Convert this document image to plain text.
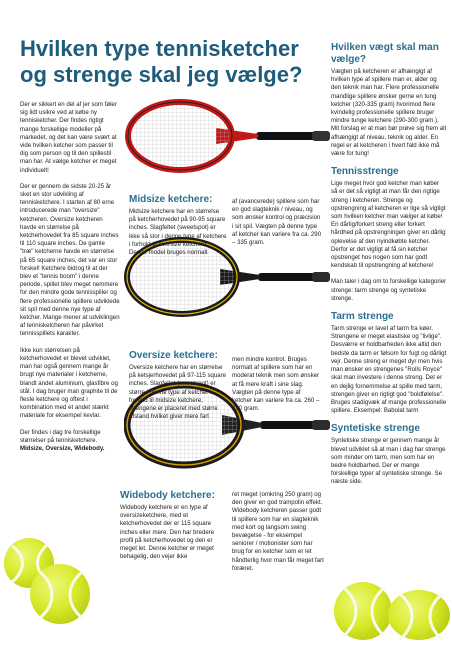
Hvilken type tennisketcher og strenge skal jeg vælge?

Der er sikkert en del af jer som føler sig lidt usikre ved at købe ny tennisketcher. Der findes rigtigt mange forskellige modeller på markedet, og det kan være svært at vide hvilken ketcher som passer til dig som person og til den spillestil man har. At vælge ketcher er meget individuelt!

Der er gennem de sidste 20-25 år sket en stor udvikling af tennisketchere. I starten af 80 erne introducerede man "oversize" ketcheren. Oversize ketcheren havde en størrelse på ketcherhovedet fra 85 square inches til 110 square inches. De gamle "træ" ketcherne havde en størrelse på 65 square inches, det var en stor forskel! Ketchere bidrog til at der blev et "tennis boom" i denne periode, spillet blev meget nemmere for den mindre gode tennisspiller og flere professionelle spillere udviklede sit spil med denne nye type af ketcher. Mange mener at udviklingen af tennisketcheren har påvirket tennisspillets karakter.

Ikke kun størrelsen på ketcherhovedet er blevet udviklet, man har også gennem mange år brugt nye materialer i ketcherne, blandt andet aluminium, glasfibre og stål. I dag bruger man graphite til de fleste ketchere og oftest i kombination med et andet stærkt materiale for eksempel kevlar.

Der findes i dag tre forskellige størrelser på tennisketchere.
Midsize, Oversize, Widebody.

Midsize ketchere:
Midsize ketchere har en størrelse på ketcherhovedet på 90-95 square inches. Slagfeltet (sweetspot) er ikke så stor i denne type af ketchere i forhold til oversize ketchere. Denne model bruges normalt
af (avancerede) spillere som har en god slagteknik / niveau, og som ønsker kontrol og præcision i sit spil. Vægten på denne type af ketcher kan variere fra ca. 290 – 335 gram.
Oversize ketchere:
Oversize ketchere har en størrelse på ketsjerhovedet på 97-115 square inches. Slagfeltet (sweetspot) er større i denne type af ketcher i forhold til midsize ketchere, strengene er placeret med større afstand hvilket giver mere fart
men mindre kontrol. Bruges normalt af spillere som har en moderat teknik men som ønsker at få mere kraft i sine slag. Vægten på denne type af ketcher kan variere fra ca. 260 – 330 gram.
Widebody ketchere:
Widebody ketchere er en type af oversizeketchere, med et ketcherhovedet der er 115 square inches eller mere. Den har bredere profil på ketcherhovedet og den er meget let. Denne ketcher er meget behagelig, den vejer ikke
ret meget (omkring 250 gram) og den giver en god trampolin effekt. Widebody ketcheren passer godt til spillere som har en slagteknik med kort og langsom swing bevægelse - for eksempel seniorer / motionister som har brug for en ketcher som er let håndterlig hvor man får meget fart foræret.
Hvilken vægt skal man vælge?
Vægten på ketcheren er afhængigt af hvilken type af spillere man er, alder og den teknik man har. Flere professionelle mandlige spillere ønsker gerne en tung ketcher (320-335 gram) hvorimod flere kvindelig professionelle spillere bruger mindre tunge ketchere (290-300 gram.). Mit forslag er at man bør prøve sig frem alt afhængigt af niveau, teknik og alder. En regel er at ketcheren i hvert fald ikke må være for tung!
Tennisstrenge
Lige meget hvor god ketcher man køber så er det så vigtigt at man får den rigtige streng i ketcheren. Strenge og opstrengning af ketcheren er lige så vigtigt som hvilken ketcher man vælger at købe! En dårlig/forkert streng eller forkert hårdhed på opstrengningen giver en dårlig oplevelse af den nyindkøbte ketcher. Derfor er det vigtigt at få sin ketcher opstrenget hos nogen som har godt kendskab til opstrengning af ketchere!
Man taler i dag om to forskellige kategorier strenge: tarm strenge og syntetiske strenge.
Tarm strenge
Tarm strenge er lavet af tarm fra køer. Strengene er meget elastiske og "livlige". Desværre er holdbarheden ikke altid den bedste da tarm er følsom for fugt og dårligt vejr. Denne streng er meget dyr men hvis man ønsker en strengenes "Rolls Royce" skal man investere i denne streng. Det er en dejlig fornemmelse at spille med tarm, strengen giver en rigtigt god "boldfølelse". Bruges stadigvæk af mange professionelle spillere. Eksempel: Babolat tarm
Syntetiske strenge
Syntetiske strenge er gennem mange år blevet udviklet så at man i dag har strenge som minder om tarm, men som har en bedre holdbarhed. Der er mange forskellige typer af syntetiske strenge. Se næste side.
